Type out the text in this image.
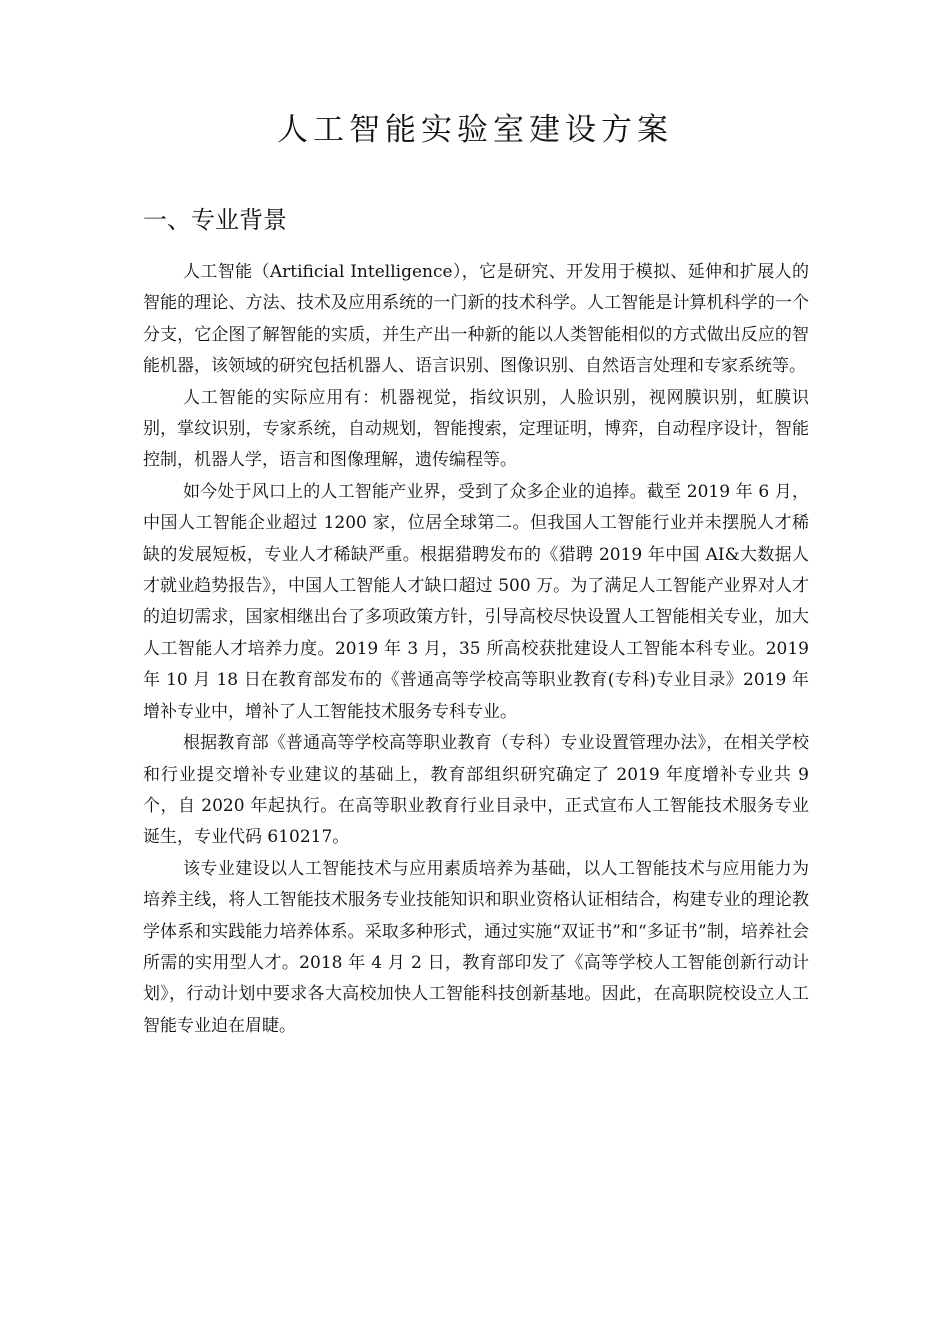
人工智能实验室建设方案
一、专业背景

人工智能（Artificial Intelligence），它是研究、开发用于模拟、延伸和扩展人的智能的理论、方法、技术及应用系统的一门新的技术科学。人工智能是计算机科学的一个分支，它企图了解智能的实质，并生产出一种新的能以人类智能相似的方式做出反应的智能机器，该领域的研究包括机器人、语言识别、图像识别、自然语言处理和专家系统等。

人工智能的实际应用有：机器视觉，指纹识别，人脸识别，视网膜识别，虹膜识别，掌纹识别，专家系统，自动规划，智能搜索，定理证明，博弈，自动程序设计，智能控制，机器人学，语言和图像理解，遗传编程等。

如今处于风口上的人工智能产业界，受到了众多企业的追捧。截至 2019 年 6 月，中国人工智能企业超过 1200 家，位居全球第二。但我国人工智能行业并未摆脱人才稀缺的发展短板，专业人才稀缺严重。根据猎聘发布的《猎聘 2019 年中国 AI&大数据人才就业趋势报告》，中国人工智能人才缺口超过 500 万。为了满足人工智能产业界对人才的迫切需求，国家相继出台了多项政策方针，引导高校尽快设置人工智能相关专业，加大人工智能人才培养力度。2019 年 3 月，35 所高校获批建设人工智能本科专业。2019 年 10 月 18 日在教育部发布的《普通高等学校高等职业教育(专科)专业目录》2019 年增补专业中，增补了人工智能技术服务专科专业。

根据教育部《普通高等学校高等职业教育（专科）专业设置管理办法》，在相关学校和行业提交增补专业建议的基础上，教育部组织研究确定了 2019 年度增补专业共 9 个，自 2020 年起执行。在高等职业教育行业目录中，正式宣布人工智能技术服务专业诞生，专业代码 610217。

该专业建设以人工智能技术与应用素质培养为基础，以人工智能技术与应用能力为培养主线，将人工智能技术服务专业技能知识和职业资格认证相结合，构建专业的理论教学体系和实践能力培养体系。采取多种形式，通过实施“双证书”和“多证书”制，培养社会所需的实用型人才。2018 年 4 月 2 日，教育部印发了《高等学校人工智能创新行动计划》，行动计划中要求各大高校加快人工智能科技创新基地。因此，在高职院校设立人工智能专业迫在眉睫。
